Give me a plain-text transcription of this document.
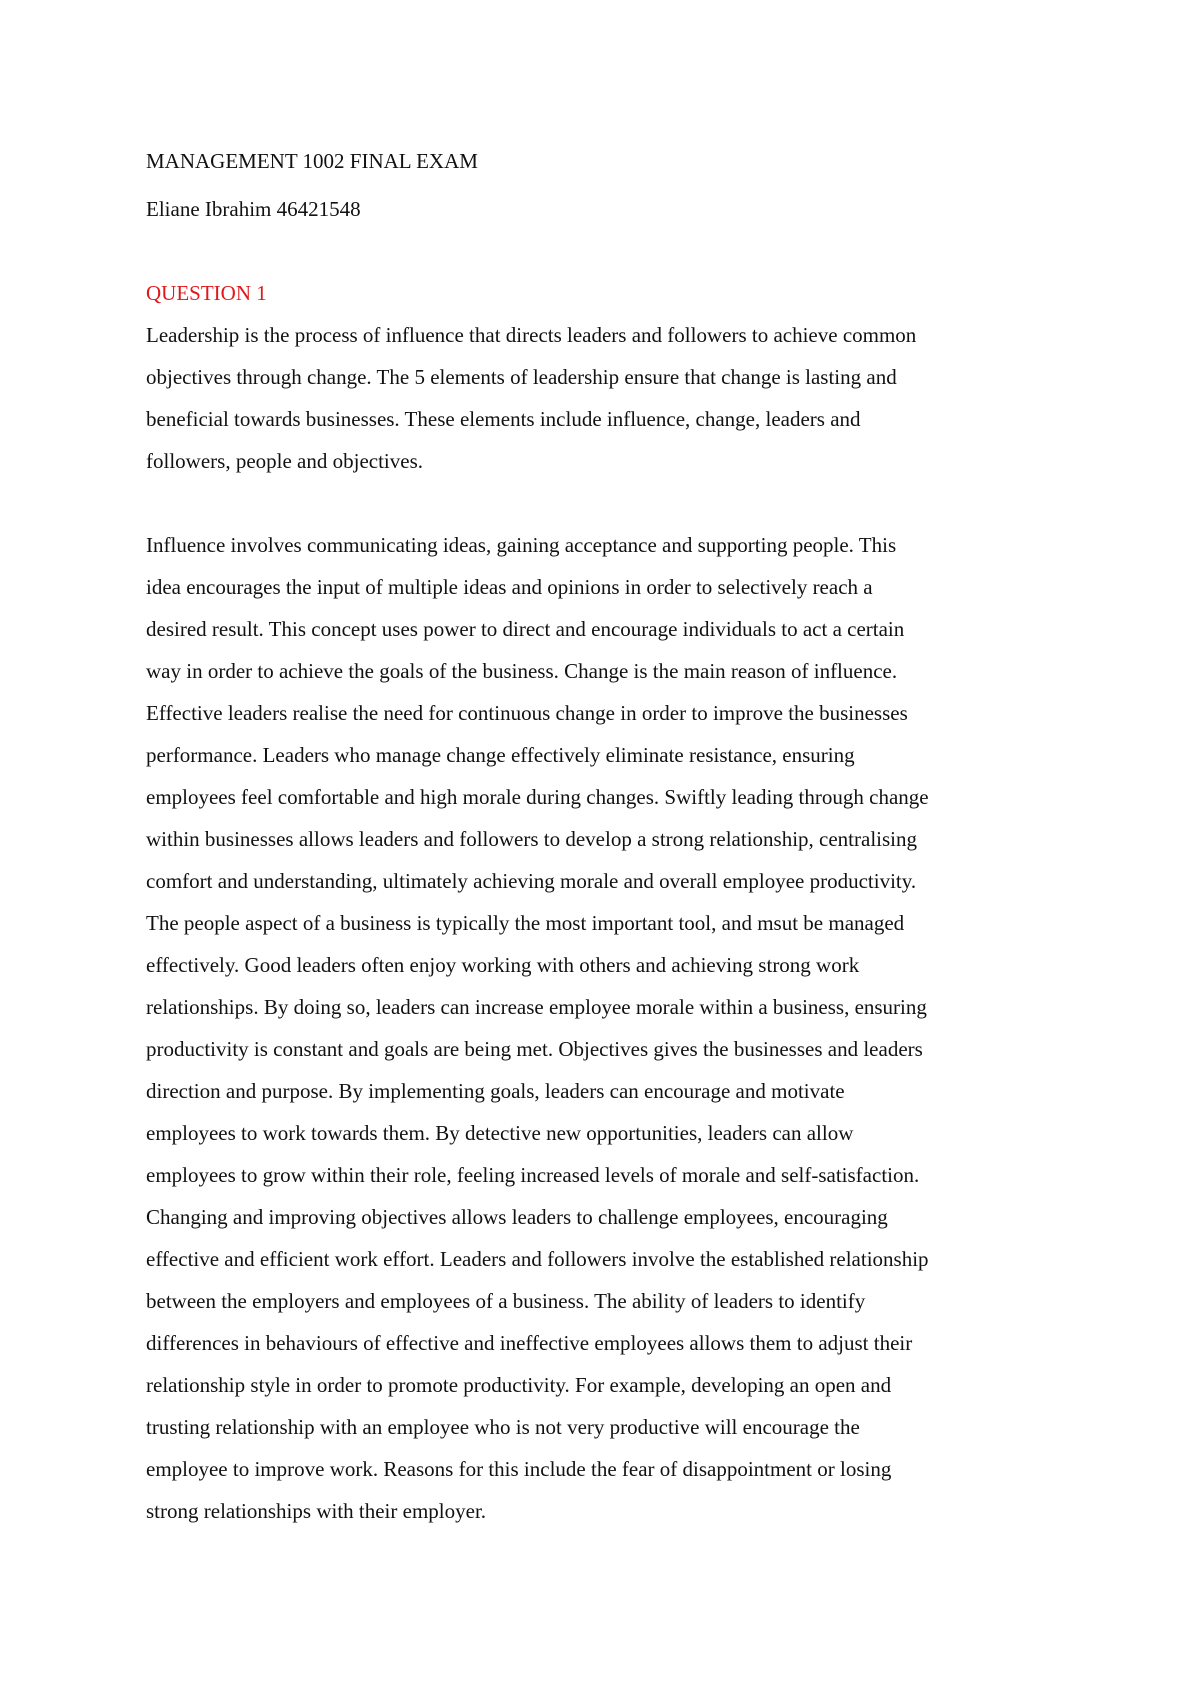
MANAGEMENT 1002 FINAL EXAM

Eliane Ibrahim 46421548

QUESTION 1

Leadership is the process of influence that directs leaders and followers to achieve common
objectives through change. The 5 elements of leadership ensure that change is lasting and
beneficial towards businesses. These elements include influence, change, leaders and
followers, people and objectives.
Influence involves communicating ideas, gaining acceptance and supporting people. This
idea encourages the input of multiple ideas and opinions in order to selectively reach a
desired result. This concept uses power to direct and encourage individuals to act a certain
way in order to achieve the goals of the business. Change is the main reason of influence.
Effective leaders realise the need for continuous change in order to improve the businesses
performance. Leaders who manage change effectively eliminate resistance, ensuring
employees feel comfortable and high morale during changes. Swiftly leading through change
within businesses allows leaders and followers to develop a strong relationship, centralising
comfort and understanding, ultimately achieving morale and overall employee productivity.
The people aspect of a business is typically the most important tool, and msut be managed
effectively. Good leaders often enjoy working with others and achieving strong work
relationships. By doing so, leaders can increase employee morale within a business, ensuring
productivity is constant and goals are being met. Objectives gives the businesses and leaders
direction and purpose. By implementing goals, leaders can encourage and motivate
employees to work towards them. By detective new opportunities, leaders can allow
employees to grow within their role, feeling increased levels of morale and self-satisfaction.
Changing and improving objectives allows leaders to challenge employees, encouraging
effective and efficient work effort. Leaders and followers involve the established relationship
between the employers and employees of a business. The ability of leaders to identify
differences in behaviours of effective and ineffective employees allows them to adjust their
relationship style in order to promote productivity. For example, developing an open and
trusting relationship with an employee who is not very productive will encourage the
employee to improve work. Reasons for this include the fear of disappointment or losing
strong relationships with their employer.
